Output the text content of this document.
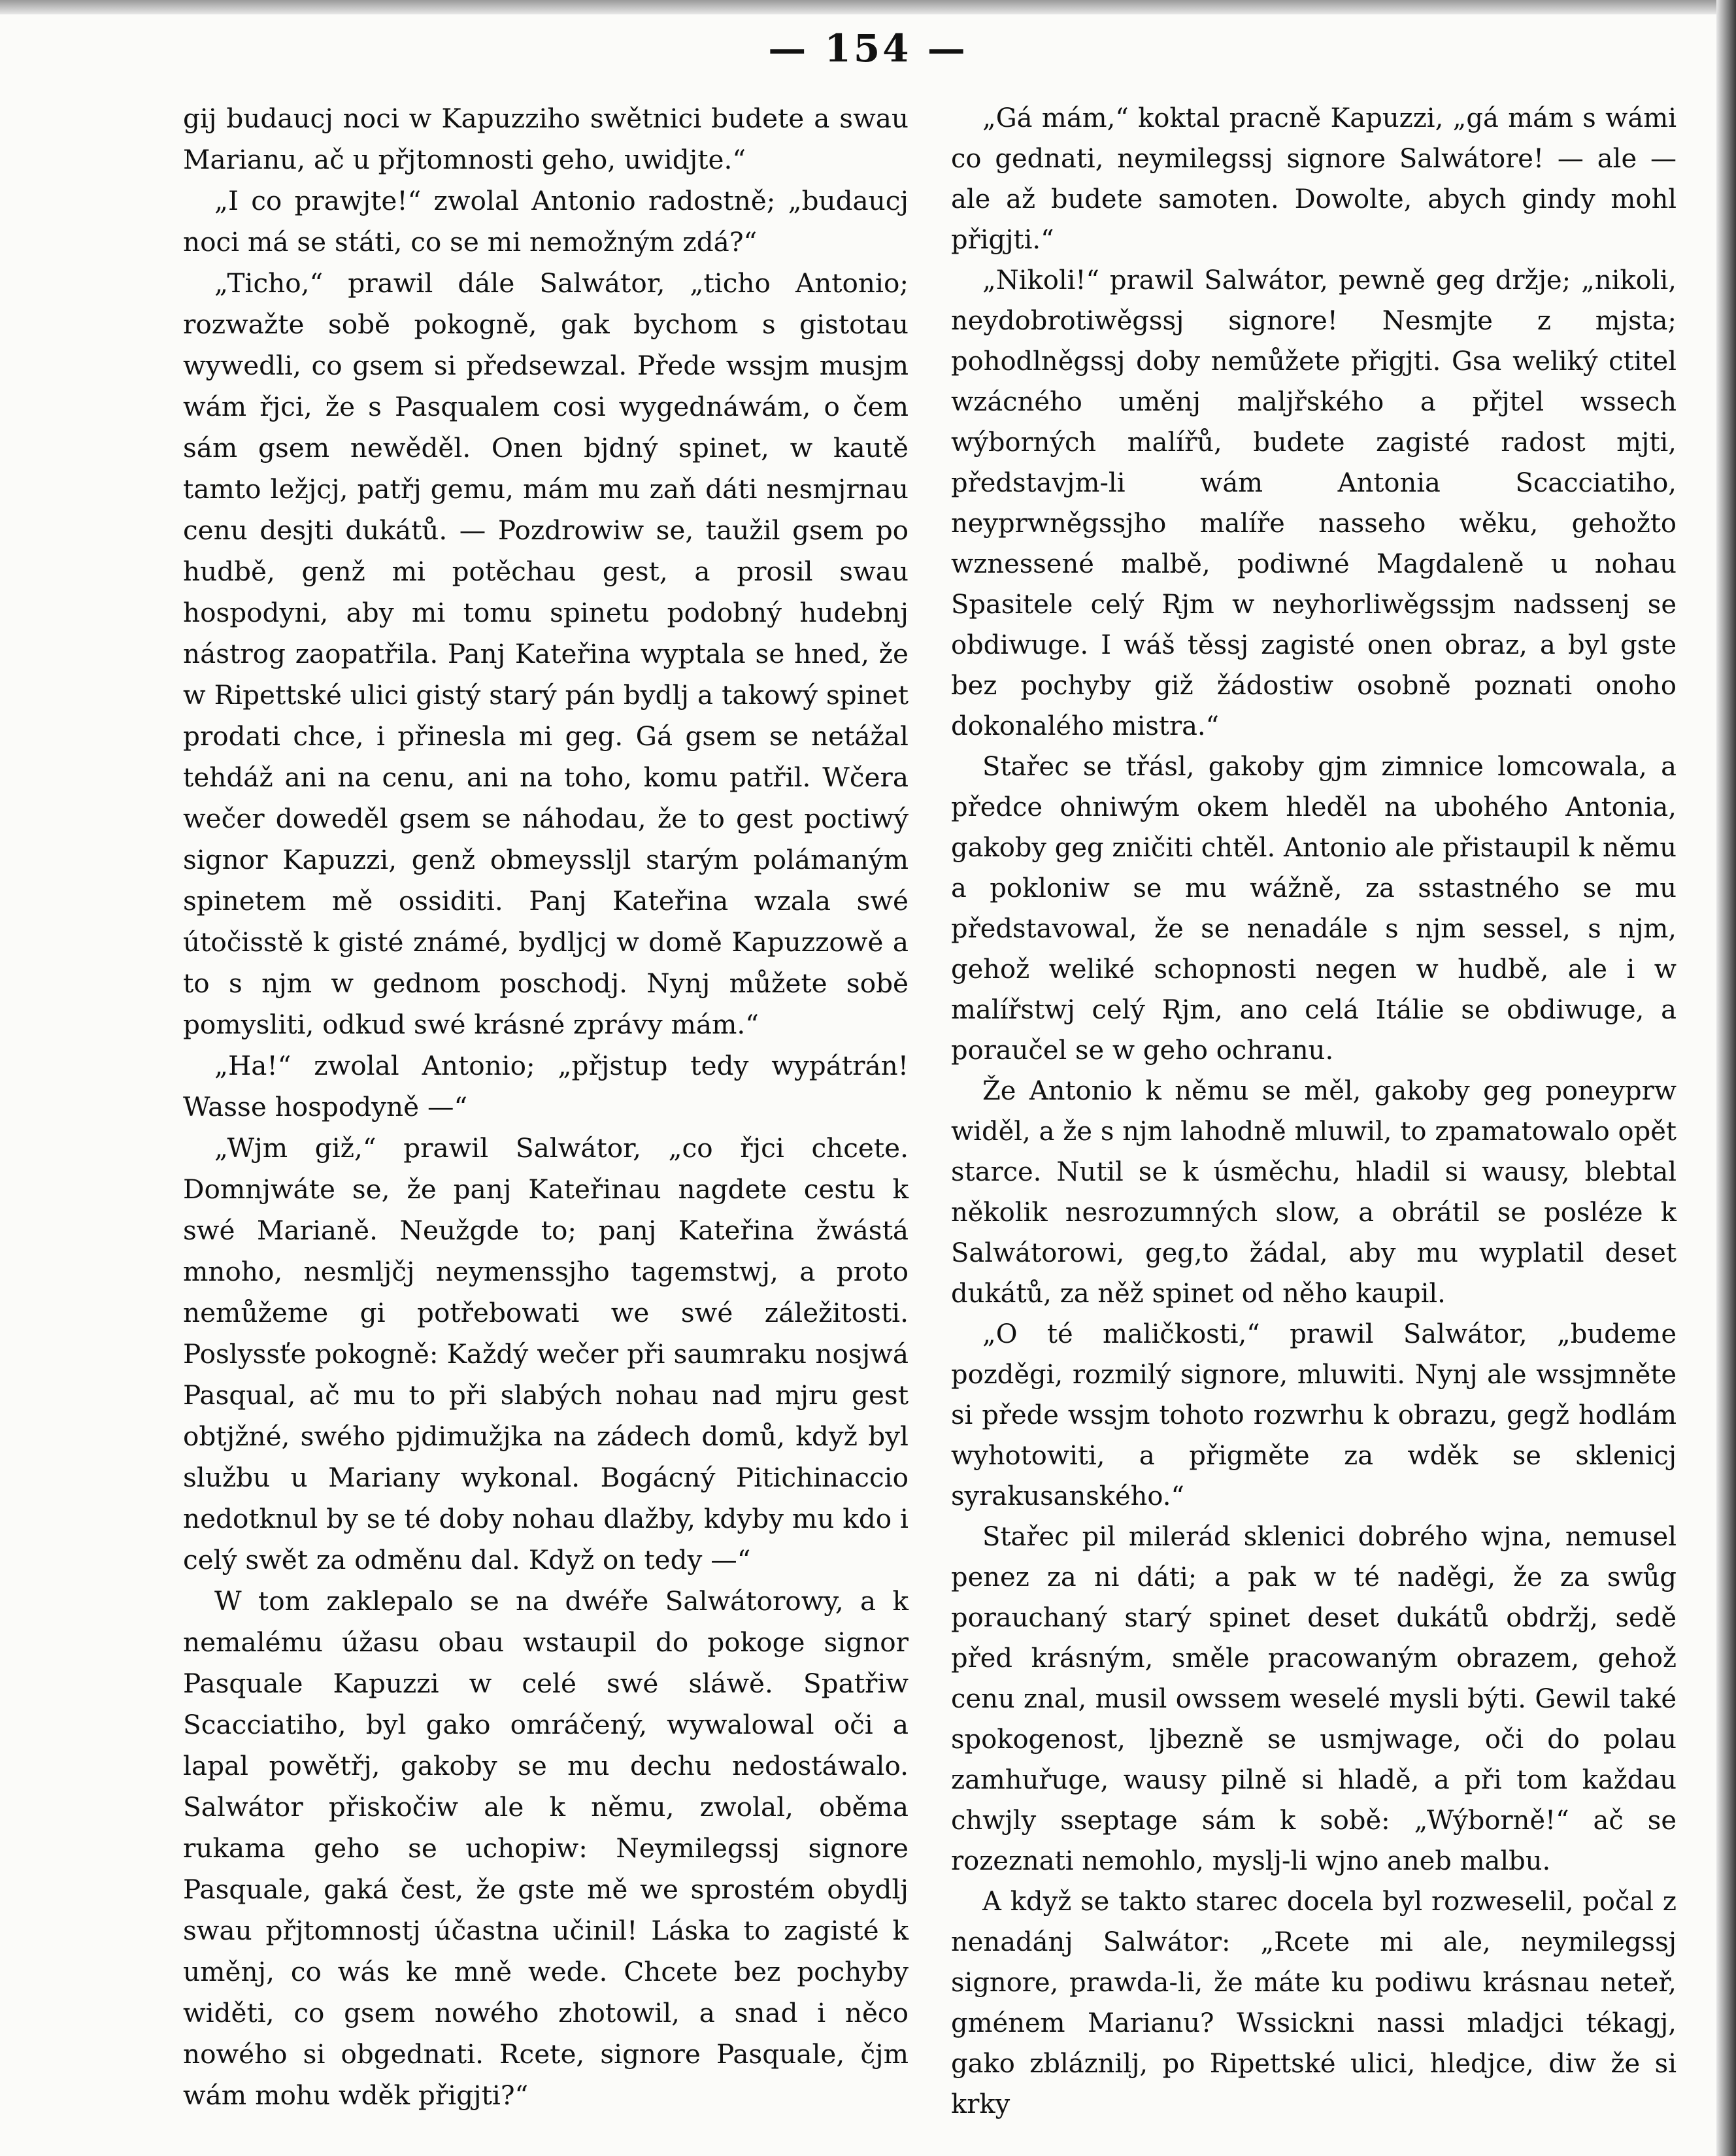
— 154 —

gij budaucj noci w Kapuzziho swětnici budete a swau Marianu, ač u přjtomnosti geho, uwidjte.“

„I co prawjte!“ zwolal Antonio radostně; „budaucj noci má se státi, co se mi nemožným zdá?“

„Ticho,“ prawil dále Salwátor, „ticho Antonio; rozwažte sobě pokogně, gak bychom s gistotau wywedli, co gsem si předsewzal. Přede wssjm musjm wám řjci, že s Pasqualem cosi wygednáwám, o čem sám gsem newěděl. Onen bjdný spinet, w kautě tamto ležjcj, patřj gemu, mám mu zaň dáti nesmjrnau cenu desjti dukátů. — Pozdrowiw se, taužil gsem po hudbě, genž mi potěchau gest, a prosil swau hospodyni, aby mi tomu spinetu podobný hudebnj nástrog zaopatřila. Panj Kateřina wyptala se hned, že w Ripettské ulici gistý starý pán bydlj a takowý spinet prodati chce, i přinesla mi geg. Gá gsem se netážal tehdáž ani na cenu, ani na toho, komu patřil. Wčera wečer doweděl gsem se náhodau, že to gest poctiwý signor Kapuzzi, genž obmeyssljl starým polámaným spinetem mě ossiditi. Panj Kateřina wzala swé útočisstě k gisté známé, bydljcj w domě Kapuzzowě a to s njm w gednom poschodj. Nynj můžete sobě pomysliti, odkud swé krásné zprávy mám.“

„Ha!“ zwolal Antonio; „přjstup tedy wypátrán! Wasse hospodyně —“

„Wjm giž,“ prawil Salwátor, „co řjci chcete. Domnjwáte se, že panj Kateřinau nagdete cestu k swé Marianě. Neužgde to; panj Kateřina žwástá mnoho, nesmljčj neymenssjho tagemstwj, a proto nemůžeme gi potřebowati we swé záležitosti. Poslyssťe pokogně: Každý wečer při saumraku nosjwá Pasqual, ač mu to při slabých nohau nad mjru gest obtjžné, swého pjdimužjka na zádech domů, když byl službu u Mariany wykonal. Bogácný Pitichinaccio nedotknul by se té doby nohau dlažby, kdyby mu kdo i celý swět za odměnu dal. Když on tedy —“

W tom zaklepalo se na dwéře Salwátorowy, a k nemalému úžasu obau wstaupil do pokoge signor Pasquale Kapuzzi w celé swé sláwě. Spatřiw Scacciatiho, byl gako omráčený, wywalowal oči a lapal powětřj, gakoby se mu dechu nedostáwalo. Salwátor přiskočiw ale k němu, zwolal, oběma rukama geho se uchopiw: Neymilegssj signore Pasquale, gaká čest, že gste mě we sprostém obydlj swau přjtomnostj účastna učinil! Láska to zagisté k uměnj, co wás ke mně wede. Chcete bez pochyby widěti, co gsem nowého zhotowil, a snad i něco nowého si obgednati. Rcete, signore Pasquale, čjm wám mohu wděk přigjti?“

„Gá mám,“ koktal pracně Kapuzzi, „gá mám s wámi co gednati, neymilegssj signore Salwátore! — ale — ale až budete samoten. Dowolte, abych gindy mohl přigjti.“

„Nikoli!“ prawil Salwátor, pewně geg držje; „nikoli, neydobrotiwěgssj signore! Nesmjte z mjsta; pohodlněgssj doby nemůžete přigjti. Gsa weliký ctitel wzácného uměnj maljřského a přjtel wssech wýborných malířů, budete zagisté radost mjti, představjm-li wám Antonia Scacciatiho, neyprwněgssjho malíře nasseho wěku, gehožto wznessené malbě, podiwné Magdaleně u nohau Spasitele celý Rjm w neyhorliwěgssjm nadssenj se obdiwuge. I wáš těssj zagisté onen obraz, a byl gste bez pochyby giž žádostiw osobně poznati onoho dokonalého mistra.“

Stařec se třásl, gakoby gjm zimnice lomcowala, a předce ohniwým okem hleděl na ubohého Antonia, gakoby geg zničiti chtěl. Antonio ale přistaupil k němu a pokloniw se mu wážně, za sstastného se mu představowal, že se nenadále s njm sessel, s njm, gehož weliké schopnosti negen w hudbě, ale i w malířstwj celý Rjm, ano celá Itálie se obdiwuge, a poraučel se w geho ochranu.

Že Antonio k němu se měl, gakoby geg poneyprw widěl, a že s njm lahodně mluwil, to zpamatowalo opět starce. Nutil se k úsměchu, hladil si wausy, blebtal několik nesrozumných slow, a obrátil se posléze k Salwátorowi, geg,to žádal, aby mu wyplatil deset dukátů, za něž spinet od něho kaupil.

„O té maličkosti,“ prawil Salwátor, „budeme pozděgi, rozmilý signore, mluwiti. Nynj ale wssjmněte si přede wssjm tohoto rozwrhu k obrazu, gegž hodlám wyhotowiti, a přigměte za wděk se sklenicj syrakusanského.“

Stařec pil milerád sklenici dobrého wjna, nemusel penez za ni dáti; a pak w té naděgi, že za swůg porauchaný starý spinet deset dukátů obdržj, sedě před krásným, směle pracowaným obrazem, gehož cenu znal, musil owssem weselé mysli býti. Gewil také spokogenost, ljbezně se usmjwage, oči do polau zamhuřuge, wausy pilně si hladě, a při tom každau chwjly sseptage sám k sobě: „Wýborně!“ ač se rozeznati nemohlo, myslj-li wjno aneb malbu.

A když se takto starec docela byl rozweselil, počal z nenadánj Salwátor: „Rcete mi ale, neymilegssj signore, prawda-li, že máte ku podiwu krásnau neteř, gménem Marianu? Wssickni nassi mladjci tékagj, gako zbláznilj, po Ripettské ulici, hledjce, diw že si krky
